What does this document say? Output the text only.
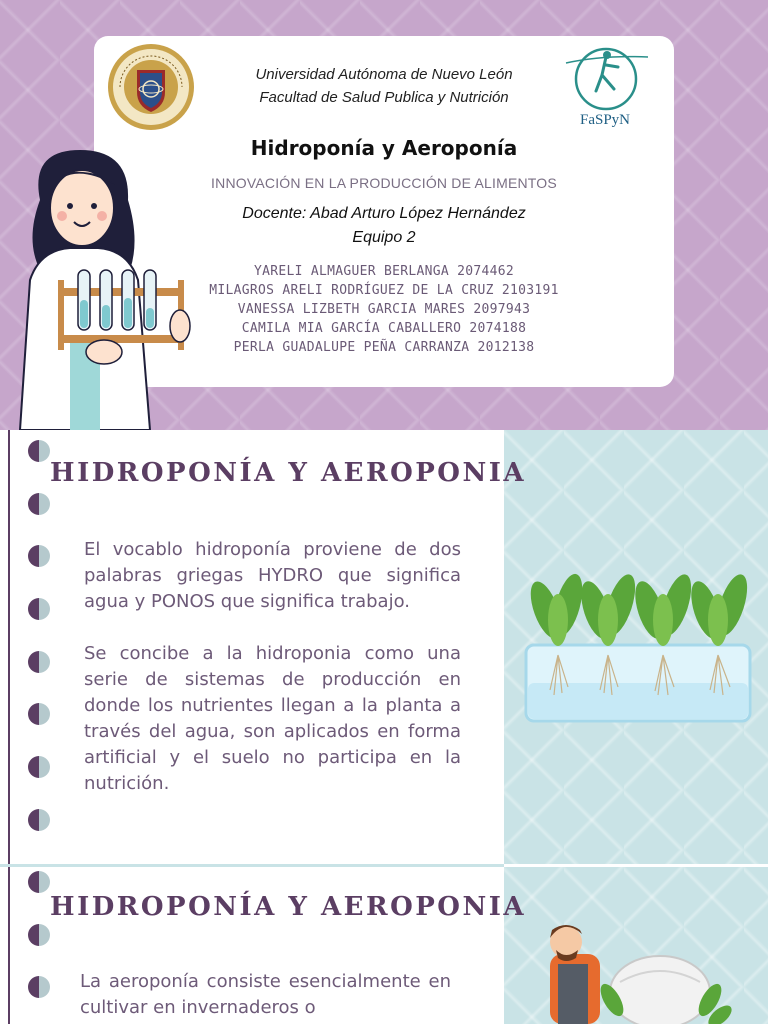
FaSPyN
Universidad Autónoma de Nuevo León
Facultad de Salud Publica y Nutrición
Hidroponía y Aeroponía
INNOVACIÓN EN LA PRODUCCIÓN DE ALIMENTOS
Docente: Abad Arturo López Hernández
Equipo 2
YARELI ALMAGUER BERLANGA 2074462
MILAGROS ARELI RODRÍGUEZ DE LA CRUZ 2103191
VANESSA LIZBETH GARCIA MARES 2097943
CAMILA MIA GARCÍA CABALLERO 2074188
PERLA GUADALUPE PEÑA CARRANZA 2012138
HIDROPONÍA Y AEROPONIA

El vocablo hidroponía proviene de dos palabras griegas HYDRO que significa agua y PONOS que significa trabajo.

Se concibe a la hidroponia como una serie de sistemas de producción en donde los nutrientes llegan a la planta a través del agua, son aplicados en forma artificial y el suelo no participa en la nutrición.

HIDROPONÍA Y AEROPONIA

La aeroponía consiste esencialmente en cultivar en invernaderos o
